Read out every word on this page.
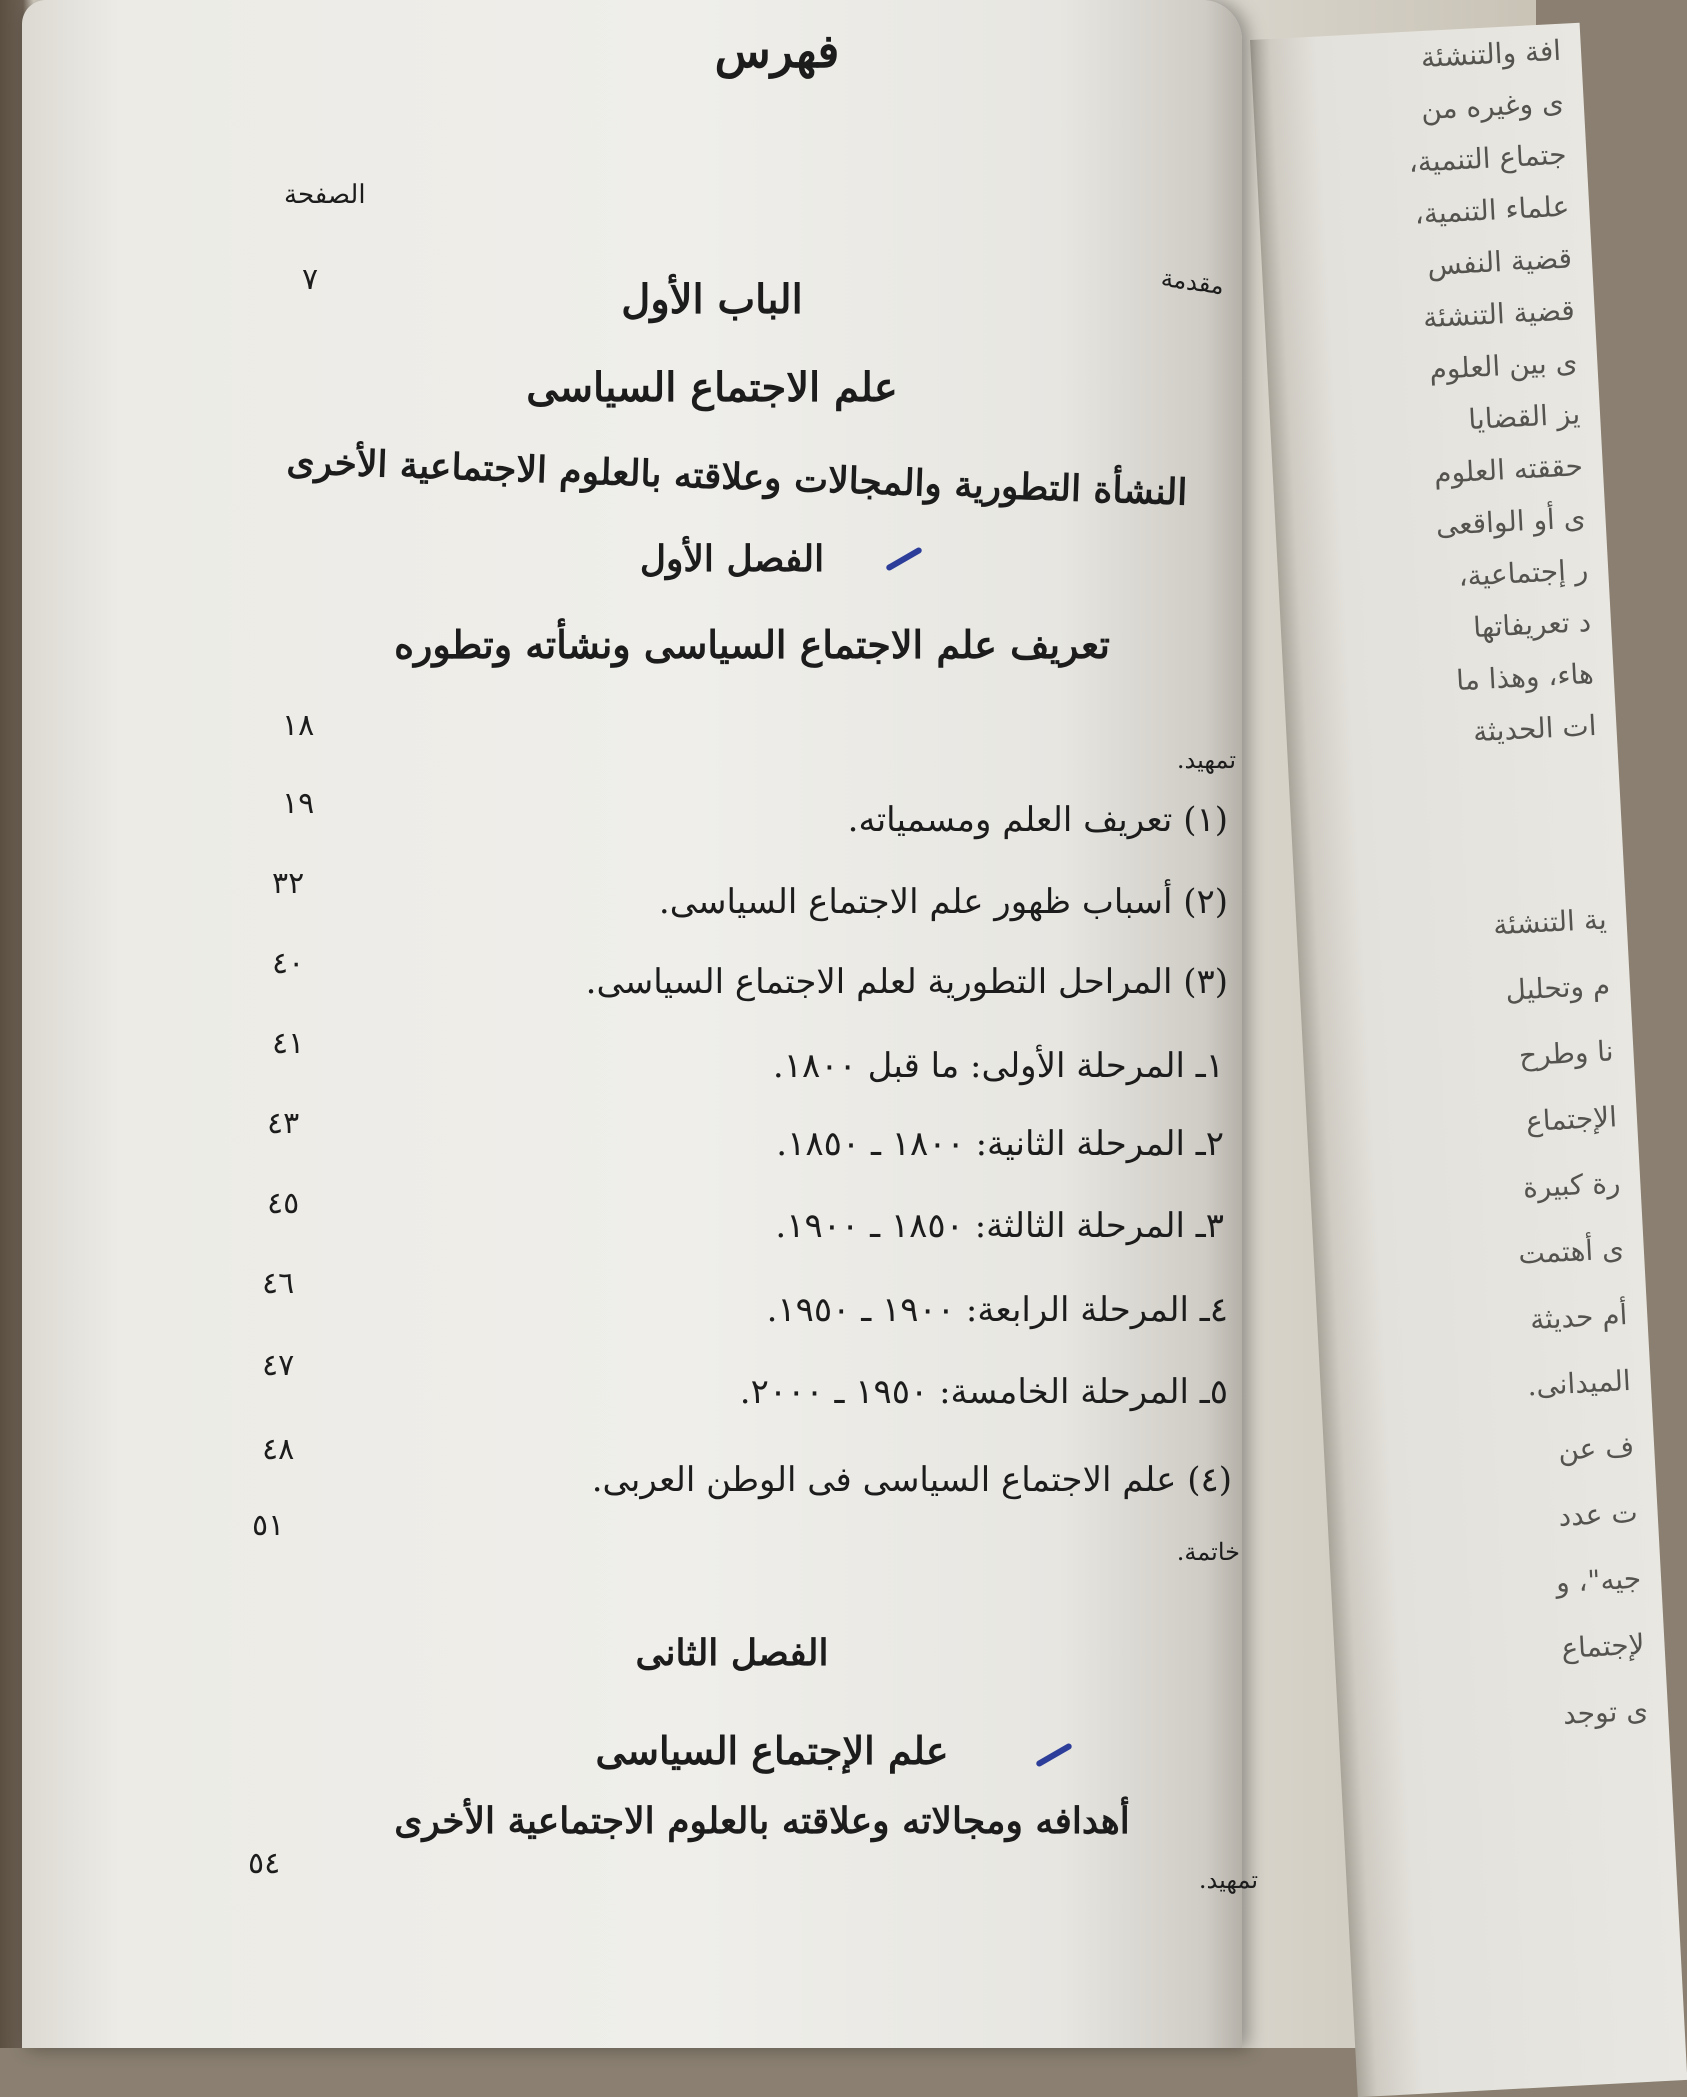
افة والتنشئة
ى وغيره من
جتماع التنمية،
علماء التنمية،
قضية النفس
قضية التنشئة
ى بين العلوم
يز القضايا
حققته العلوم
ى أو الواقعى
ر إجتماعية،
د تعريفاتها
هاء، وهذا ما
ات الحديثة
ية التنشئة
م وتحليل
نا وطرح
الإجتماع
رة كبيرة
ى أهتمت
أم حديثة
الميدانى.
ف عن
ت عدد
جيه"، و
لإجتماع
ى توجد
فهرس
الصفحة
مقدمة
٧	الباب الأول
علم الاجتماع السياسى
النشأة التطورية والمجالات وعلاقته بالعلوم الاجتماعية الأخرى
الفصل الأول
تعريف علم الاجتماع السياسى ونشأته وتطوره
تمهيد.
١٨
(١) تعريف العلم ومسمياته.
١٩
(٢) أسباب ظهور علم الاجتماع السياسى.
٣٢
(٣) المراحل التطورية لعلم الاجتماع السياسى.
٤٠
١ـ المرحلة الأولى: ما قبل ١٨٠٠.
٤١
٢ـ المرحلة الثانية: ١٨٠٠ ـ ١٨٥٠.
٤٣
٣ـ المرحلة الثالثة: ١٨٥٠ ـ ١٩٠٠.
٤٥
٤ـ المرحلة الرابعة: ١٩٠٠ ـ ١٩٥٠.
٤٦
٥ـ المرحلة الخامسة: ١٩٥٠ ـ ٢٠٠٠.
٤٧
(٤) علم الاجتماع السياسى فى الوطن العربى.
٤٨
خاتمة.
٥١
الفصل الثانى
علم الإجتماع السياسى
أهدافه ومجالاته وعلاقته بالعلوم الاجتماعية الأخرى
تمهيد.
٥٤
